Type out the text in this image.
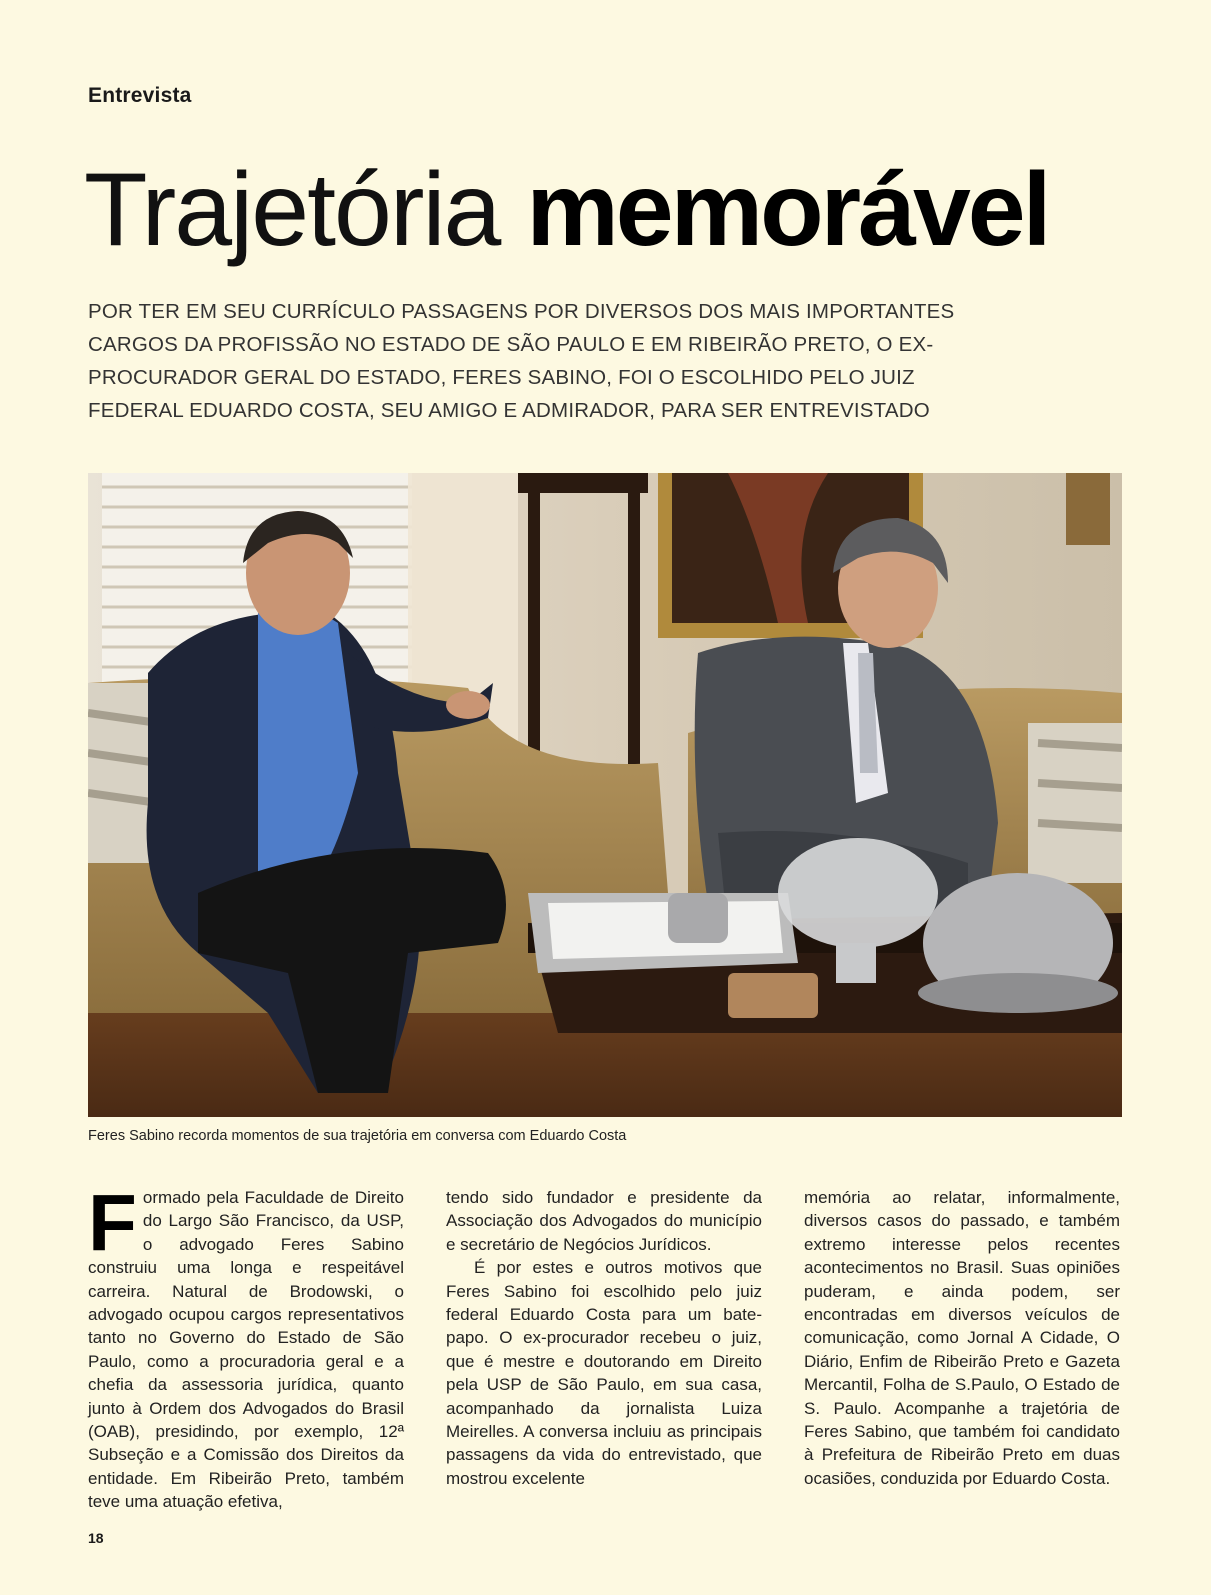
Entrevista
Trajetória memorável
POR TER EM SEU CURRÍCULO PASSAGENS POR DIVERSOS DOS MAIS IMPORTANTES CARGOS DA PROFISSÃO NO ESTADO DE SÃO PAULO E EM RIBEIRÃO PRETO, O EX-PROCURADOR GERAL DO ESTADO, FERES SABINO, FOI O ESCOLHIDO PELO JUIZ FEDERAL EDUARDO COSTA, SEU AMIGO E ADMIRADOR, PARA SER ENTREVISTADO
Feres Sabino recorda momentos de sua trajetória em conversa com Eduardo Costa

Formado pela Faculdade de Direito do Largo São Francisco, da USP, o advogado Feres Sabino construiu uma longa e respeitável carreira. Natural de Brodowski, o advogado ocupou cargos representativos tanto no Governo do Estado de São Paulo, como a procuradoria geral e a chefia da assessoria jurídica, quanto junto à Ordem dos Advogados do Brasil (OAB), presidindo, por exemplo, 12ª Subseção e a Comissão dos Direitos da entidade. Em Ribeirão Preto, também teve uma atuação efetiva,

tendo sido fundador e presidente da Associação dos Advogados do município e secretário de Negócios Jurídicos.

É por estes e outros motivos que Feres Sabino foi escolhido pelo juiz federal Eduardo Costa para um bate-papo. O ex-procurador recebeu o juiz, que é mestre e doutorando em Direito pela USP de São Paulo, em sua casa, acompanhado da jornalista Luiza Meirelles. A conversa incluiu as principais passagens da vida do entrevistado, que mostrou excelente

memória ao relatar, informalmente, diversos casos do passado, e também extremo interesse pelos recentes acontecimentos no Brasil. Suas opiniões puderam, e ainda podem, ser encontradas em diversos veículos de comunicação, como Jornal A Cidade, O Diário, Enfim de Ribeirão Preto e Gazeta Mercantil, Folha de S.Paulo, O Estado de S. Paulo. Acompanhe a trajetória de Feres Sabino, que também foi candidato à Prefeitura de Ribeirão Preto em duas ocasiões, conduzida por Eduardo Costa.

18
